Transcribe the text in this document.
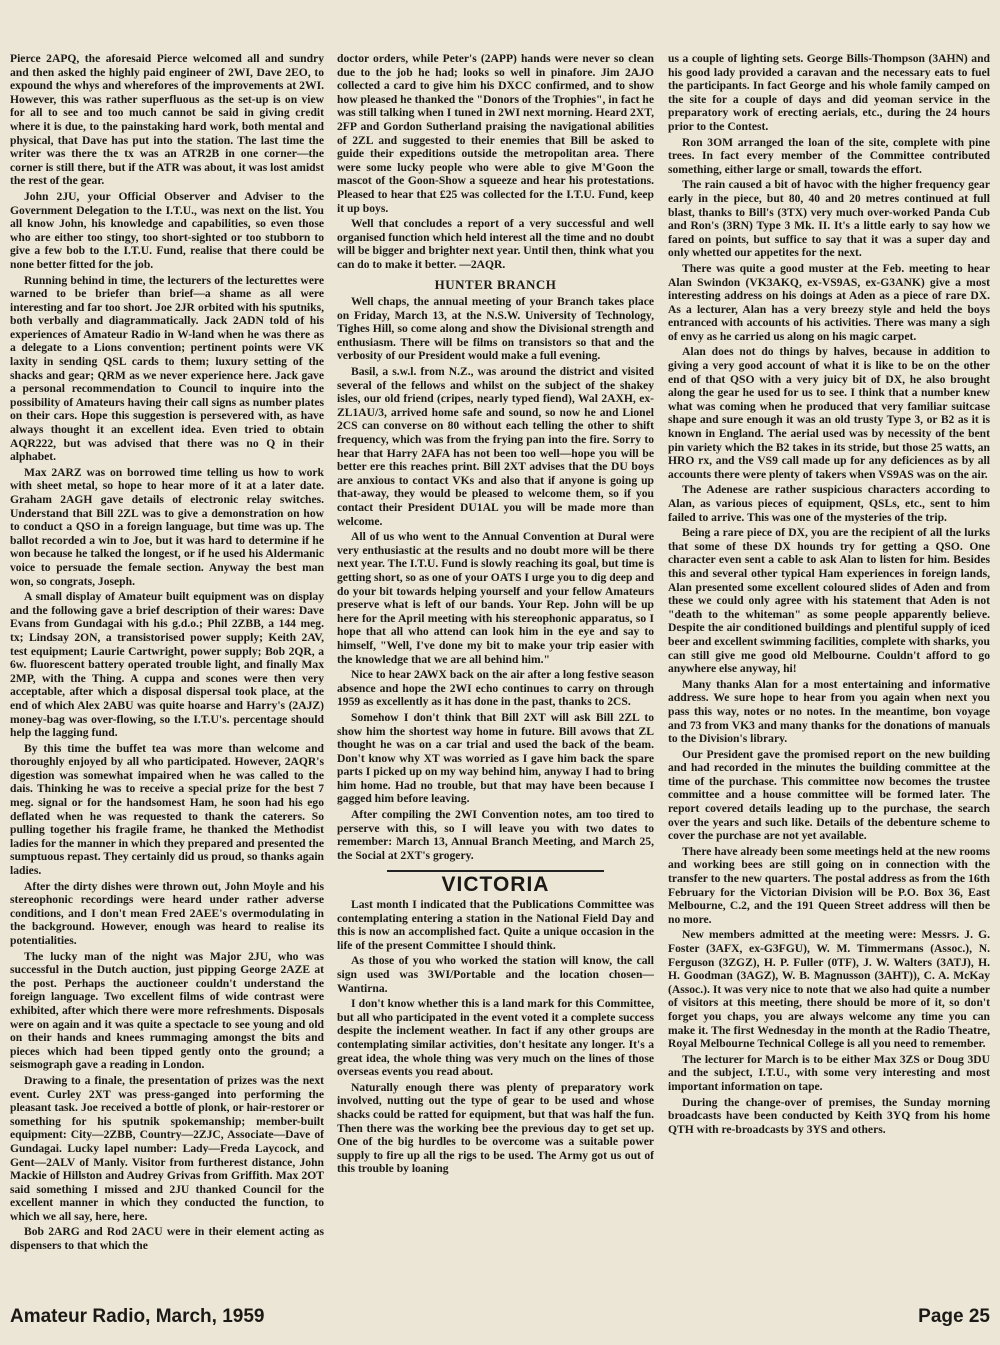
Pierce 2APQ, the aforesaid Pierce welcomed all and sundry and then asked the highly paid engineer of 2WI, Dave 2EO, to expound the whys and wherefores of the improvements at 2WI. However, this was rather superfluous as the set-up is on view for all to see and too much cannot be said in giving credit where it is due, to the painstaking hard work, both mental and physical, that Dave has put into the station. The last time the writer was there the tx was an ATR2B in one corner—the corner is still there, but if the ATR was about, it was lost amidst the rest of the gear.

John 2JU, your Official Observer and Adviser to the Government Delegation to the I.T.U., was next on the list. You all know John, his knowledge and capabilities, so even those who are either too stingy, too short-sighted or too stubborn to give a few bob to the I.T.U. Fund, realise that there could be none better fitted for the job.

Running behind in time, the lecturers of the lecturettes were warned to be briefer than brief—a shame as all were interesting and far too short. Joe 2JR orbited with his sputniks, both verbally and diagrammatically. Jack 2ADN told of his experiences of Amateur Radio in W-land when he was there as a delegate to a Lions convention; pertinent points were VK laxity in sending QSL cards to them; luxury setting of the shacks and gear; QRM as we never experience here. Jack gave a personal recommendation to Council to inquire into the possibility of Amateurs having their call signs as number plates on their cars. Hope this suggestion is persevered with, as have always thought it an excellent idea. Even tried to obtain AQR222, but was advised that there was no Q in their alphabet.

Max 2ARZ was on borrowed time telling us how to work with sheet metal, so hope to hear more of it at a later date. Graham 2AGH gave details of electronic relay switches. Understand that Bill 2ZL was to give a demonstration on how to conduct a QSO in a foreign language, but time was up. The ballot recorded a win to Joe, but it was hard to determine if he won because he talked the longest, or if he used his Aldermanic voice to persuade the female section. Anyway the best man won, so congrats, Joseph.

A small display of Amateur built equipment was on display and the following gave a brief description of their wares: Dave Evans from Gundagai with his g.d.o.; Phil 2ZBB, a 144 meg. tx; Lindsay 2ON, a transistorised power supply; Keith 2AV, test equipment; Laurie Cartwright, power supply; Bob 2QR, a 6w. fluorescent battery operated trouble light, and finally Max 2MP, with the Thing. A cuppa and scones were then very acceptable, after which a disposal dispersal took place, at the end of which Alex 2ABU was quite hoarse and Harry's (2AJZ) money-bag was over-flowing, so the I.T.U's. percentage should help the lagging fund.

By this time the buffet tea was more than welcome and thoroughly enjoyed by all who participated. However, 2AQR's digestion was somewhat impaired when he was called to the dais. Thinking he was to receive a special prize for the best 7 meg. signal or for the handsomest Ham, he soon had his ego deflated when he was requested to thank the caterers. So pulling together his fragile frame, he thanked the Methodist ladies for the manner in which they prepared and presented the sumptuous repast. They certainly did us proud, so thanks again ladies.

After the dirty dishes were thrown out, John Moyle and his stereophonic recordings were heard under rather adverse conditions, and I don't mean Fred 2AEE's overmodulating in the background. However, enough was heard to realise its potentialities.

The lucky man of the night was Major 2JU, who was successful in the Dutch auction, just pipping George 2AZE at the post. Perhaps the auctioneer couldn't understand the foreign language. Two excellent films of wide contrast were exhibited, after which there were more refreshments. Disposals were on again and it was quite a spectacle to see young and old on their hands and knees rummaging amongst the bits and pieces which had been tipped gently onto the ground; a seismograph gave a reading in London.

Drawing to a finale, the presentation of prizes was the next event. Curley 2XT was press-ganged into performing the pleasant task. Joe received a bottle of plonk, or hair-restorer or something for his sputnik spokemanship; member-built equipment: City—2ZBB, Country—2ZJC, Associate—Dave of Gundagai. Lucky lapel number: Lady—Freda Laycock, and Gent—2ALV of Manly. Visitor from furtherest distance, John Mackie of Hillston and Audrey Grivas from Griffith. Max 2OT said something I missed and 2JU thanked Council for the excellent manner in which they conducted the function, to which we all say, here, here.

Bob 2ARG and Rod 2ACU were in their element acting as dispensers to that which the

doctor orders, while Peter's (2APP) hands were never so clean due to the job he had; looks so well in pinafore. Jim 2AJO collected a card to give him his DXCC confirmed, and to show how pleased he thanked the "Donors of the Trophies", in fact he was still talking when I tuned in 2WI next morning. Heard 2XT, 2FP and Gordon Sutherland praising the navigational abilities of 2ZL and suggested to their enemies that Bill be asked to guide their expeditions outside the metropolitan area. There were some lucky people who were able to give M'Goon the mascot of the Goon-Show a squeeze and hear his protestations. Pleased to hear that £25 was collected for the I.T.U. Fund, keep it up boys.

Well that concludes a report of a very successful and well organised function which held interest all the time and no doubt will be bigger and brighter next year. Until then, think what you can do to make it better. —2AQR.

HUNTER BRANCH

Well chaps, the annual meeting of your Branch takes place on Friday, March 13, at the N.S.W. University of Technology, Tighes Hill, so come along and show the Divisional strength and enthusiasm. There will be films on transistors so that and the verbosity of our President would make a full evening.

Basil, a s.w.l. from N.Z., was around the district and visited several of the fellows and whilst on the subject of the shakey isles, our old friend (cripes, nearly typed fiend), Wal 2AXH, ex-ZL1AU/3, arrived home safe and sound, so now he and Lionel 2CS can converse on 80 without each telling the other to shift frequency, which was from the frying pan into the fire. Sorry to hear that Harry 2AFA has not been too well—hope you will be better ere this reaches print. Bill 2XT advises that the DU boys are anxious to contact VKs and also that if anyone is going up that-away, they would be pleased to welcome them, so if you contact their President DU1AL you will be made more than welcome.

All of us who went to the Annual Convention at Dural were very enthusiastic at the results and no doubt more will be there next year. The I.T.U. Fund is slowly reaching its goal, but time is getting short, so as one of your OATS I urge you to dig deep and do your bit towards helping yourself and your fellow Amateurs preserve what is left of our bands. Your Rep. John will be up here for the April meeting with his stereophonic apparatus, so I hope that all who attend can look him in the eye and say to himself, "Well, I've done my bit to make your trip easier with the knowledge that we are all behind him."

Nice to hear 2AWX back on the air after a long festive season absence and hope the 2WI echo continues to carry on through 1959 as excellently as it has done in the past, thanks to 2CS.

Somehow I don't think that Bill 2XT will ask Bill 2ZL to show him the shortest way home in future. Bill avows that ZL thought he was on a car trial and used the back of the beam. Don't know why XT was worried as I gave him back the spare parts I picked up on my way behind him, anyway I had to bring him home. Had no trouble, but that may have been because I gagged him before leaving.

After compiling the 2WI Convention notes, am too tired to perserve with this, so I will leave you with two dates to remember: March 13, Annual Branch Meeting, and March 25, the Social at 2XT's grogery.

VICTORIA

Last month I indicated that the Publications Committee was contemplating entering a station in the National Field Day and this is now an accomplished fact. Quite a unique occasion in the life of the present Committee I should think.

As those of you who worked the station will know, the call sign used was 3WI/Portable and the location chosen—Wantirna.

I don't know whether this is a land mark for this Committee, but all who participated in the event voted it a complete success despite the inclement weather. In fact if any other groups are contemplating similar activities, don't hesitate any longer. It's a great idea, the whole thing was very much on the lines of those overseas events you read about.

Naturally enough there was plenty of preparatory work involved, nutting out the type of gear to be used and whose shacks could be ratted for equipment, but that was half the fun. Then there was the working bee the previous day to get set up. One of the big hurdles to be overcome was a suitable power supply to fire up all the rigs to be used. The Army got us out of this trouble by loaning

us a couple of lighting sets. George Bills-Thompson (3AHN) and his good lady provided a caravan and the necessary eats to fuel the participants. In fact George and his whole family camped on the site for a couple of days and did yeoman service in the preparatory work of erecting aerials, etc., during the 24 hours prior to the Contest.

Ron 3OM arranged the loan of the site, complete with pine trees. In fact every member of the Committee contributed something, either large or small, towards the effort.

The rain caused a bit of havoc with the higher frequency gear early in the piece, but 80, 40 and 20 metres continued at full blast, thanks to Bill's (3TX) very much over-worked Panda Cub and Ron's (3RN) Type 3 Mk. II. It's a little early to say how we fared on points, but suffice to say that it was a super day and only whetted our appetites for the next.

There was quite a good muster at the Feb. meeting to hear Alan Swindon (VK3AKQ, ex-VS9AS, ex-G3ANK) give a most interesting address on his doings at Aden as a piece of rare DX. As a lecturer, Alan has a very breezy style and held the boys entranced with accounts of his activities. There was many a sigh of envy as he carried us along on his magic carpet.

Alan does not do things by halves, because in addition to giving a very good account of what it is like to be on the other end of that QSO with a very juicy bit of DX, he also brought along the gear he used for us to see. I think that a number knew what was coming when he produced that very familiar suitcase shape and sure enough it was an old trusty Type 3, or B2 as it is known in England. The aerial used was by necessity of the bent pin variety which the B2 takes in its stride, but those 25 watts, an HRO rx, and the VS9 call made up for any deficiences as by all accounts there were plenty of takers when VS9AS was on the air.

The Adenese are rather suspicious characters according to Alan, as various pieces of equipment, QSLs, etc., sent to him failed to arrive. This was one of the mysteries of the trip.

Being a rare piece of DX, you are the recipient of all the lurks that some of these DX hounds try for getting a QSO. One character even sent a cable to ask Alan to listen for him. Besides this and several other typical Ham experiences in foreign lands, Alan presented some excellent coloured slides of Aden and from these we could only agree with his statement that Aden is not "death to the whiteman" as some people apparently believe. Despite the air conditioned buildings and plentiful supply of iced beer and excellent swimming facilities, complete with sharks, you can still give me good old Melbourne. Couldn't afford to go anywhere else anyway, hi!

Many thanks Alan for a most entertaining and informative address. We sure hope to hear from you again when next you pass this way, notes or no notes. In the meantime, bon voyage and 73 from VK3 and many thanks for the donations of manuals to the Division's library.

Our President gave the promised report on the new building and had recorded in the minutes the building committee at the time of the purchase. This committee now becomes the trustee committee and a house committee will be formed later. The report covered details leading up to the purchase, the search over the years and such like. Details of the debenture scheme to cover the purchase are not yet available.

There have already been some meetings held at the new rooms and working bees are still going on in connection with the transfer to the new quarters. The postal address as from the 16th February for the Victorian Division will be P.O. Box 36, East Melbourne, C.2, and the 191 Queen Street address will then be no more.

New members admitted at the meeting were: Messrs. J. G. Foster (3AFX, ex-G3FGU), W. M. Timmermans (Assoc.), N. Ferguson (3ZGZ), H. P. Fuller (0TF), J. W. Walters (3ATJ), H. H. Goodman (3AGZ), W. B. Magnusson (3AHT)), C. A. McKay (Assoc.). It was very nice to note that we also had quite a number of visitors at this meeting, there should be more of it, so don't forget you chaps, you are always welcome any time you can make it. The first Wednesday in the month at the Radio Theatre, Royal Melbourne Technical College is all you need to remember.

The lecturer for March is to be either Max 3ZS or Doug 3DU and the subject, I.T.U., with some very interesting and most important information on tape.

During the change-over of premises, the Sunday morning broadcasts have been conducted by Keith 3YQ from his home QTH with re-broadcasts by 3YS and others.

Amateur Radio, March, 1959	Page 25
